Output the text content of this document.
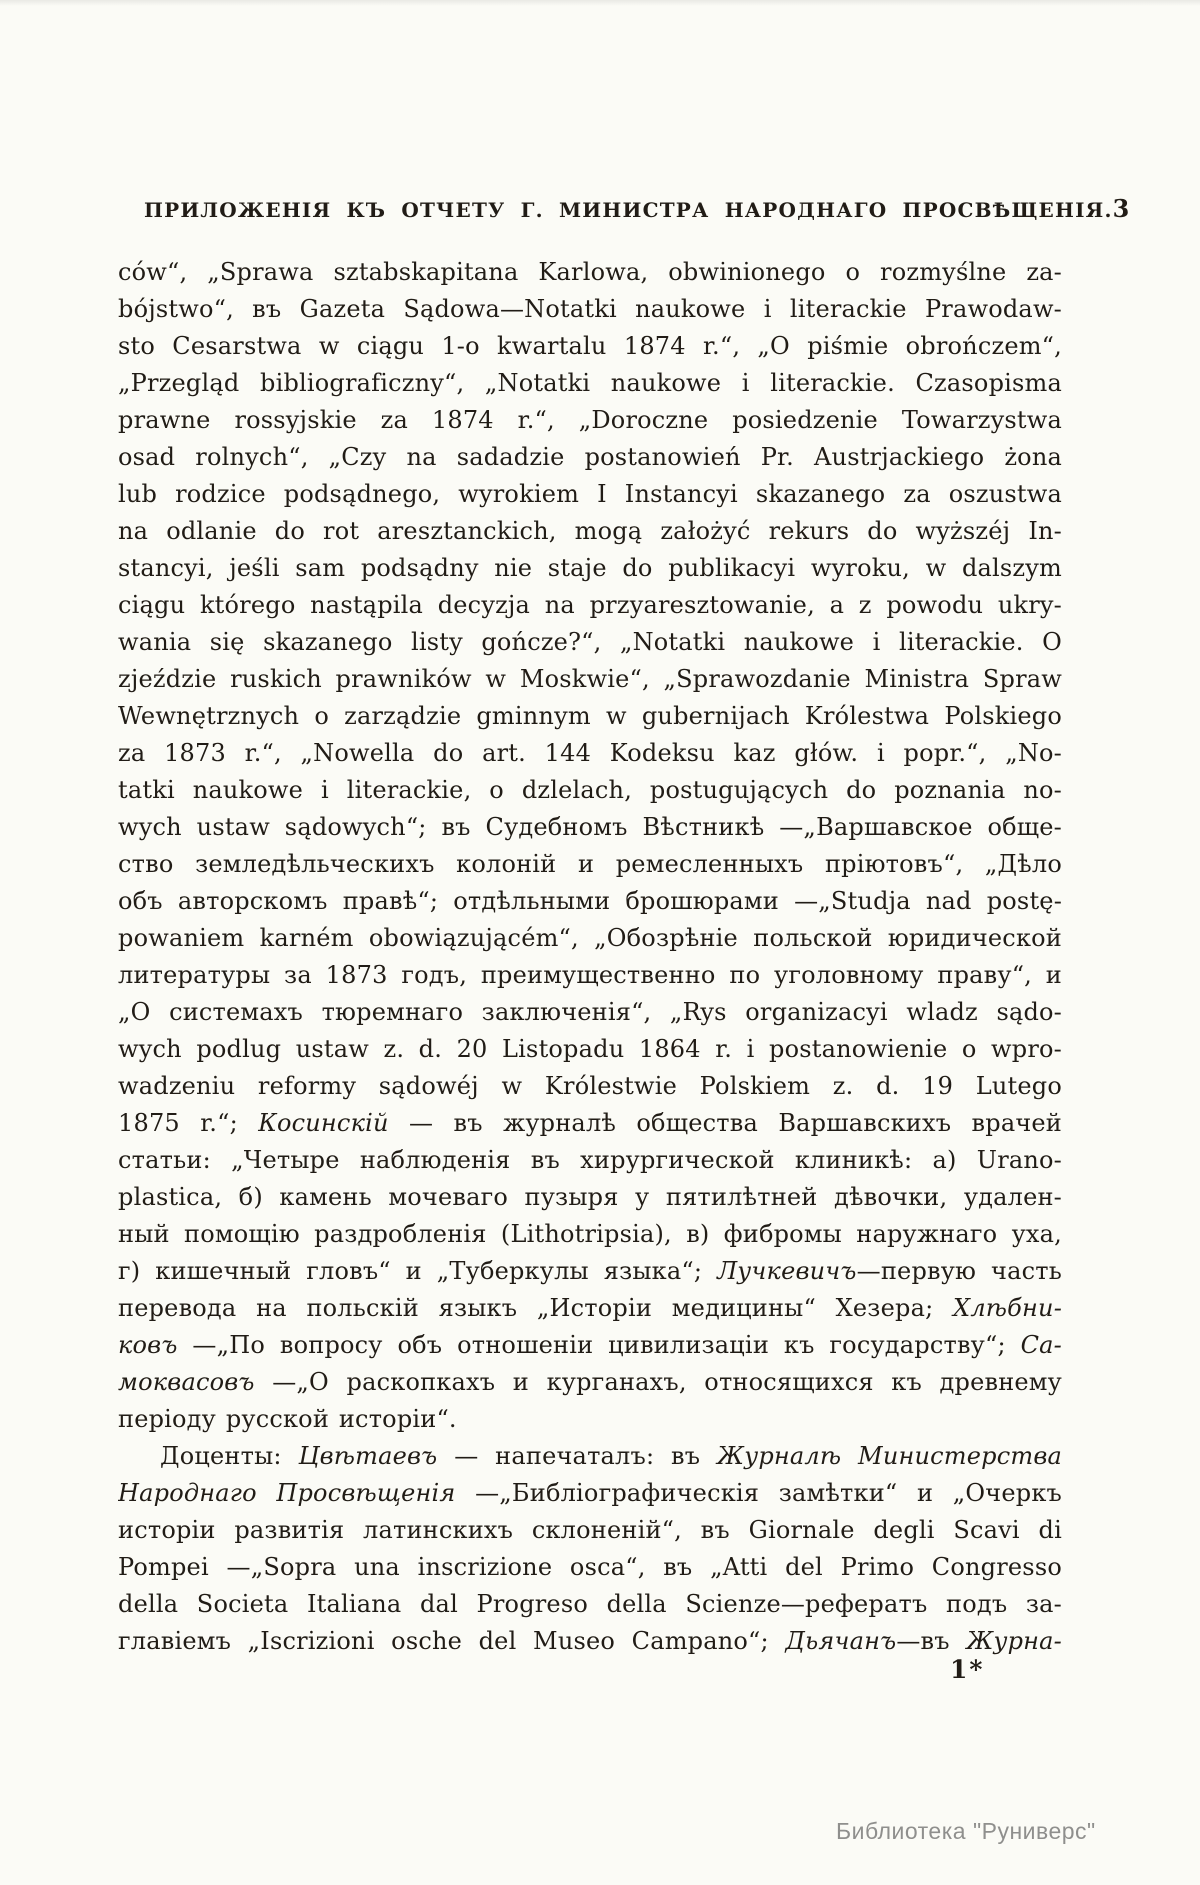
ПРИЛОЖЕНІЯ КЪ ОТЧЕТУ Г. МИНИСТРА НАРОДНАГО ПРОСВѢЩЕНІЯ. 3
ców“, „Sprawa sztabskapitana Karlowa, obwinionego o rozmyślne za-
bójstwo“, въ Gazeta Sądowa—Notatki naukowe i literackie Prawodaw-
sto Cesarstwa w ciągu 1-o kwartalu 1874 r.“, „O piśmie obrończem“,
„Przegląd bibliograficzny“, „Notatki naukowe i literackie. Czasopisma
prawne rossyjskie za 1874 r.“, „Doroczne posiedzenie Towarzystwa
osad rolnych“, „Czy na sadadzie postanowień Pr. Austrjackiego żona
lub rodzice podsądnego, wyrokiem I Instancyi skazanego za oszustwa
na odlanie do rot aresztanckich, mogą założyć rekurs do wyższéj In-
stancyi, jeśli sam podsądny nie staje do publikacyi wyroku, w dalszym
ciągu którego nastąpila decyzja na przyaresztowanie, a z powodu ukry-
wania się skazanego listy gończe?“, „Notatki naukowe i literackie. O
zjeździe ruskich prawników w Moskwie“, „Sprawozdanie Ministra Spraw
Wewnętrznych o zarządzie gminnym w gubernijach Królestwa Polskiego
za 1873 r.“, „Nowella do art. 144 Kodeksu kaz głów. i popr.“, „No-
tatki naukowe i literackie, o dzlelach, postugujących do poznania no-
wych ustaw sądowych“; въ Судебномъ Вѣстникѣ —„Варшавское обще-
ство земледѣльческихъ колоній и ремесленныхъ пріютовъ“, „Дѣло
объ авторскомъ правѣ“; отдѣльными брошюрами —„Studja nad postę-
powaniem karném obowiązującém“, „Обозрѣніе польской юридической
литературы за 1873 годъ, преимущественно по уголовному праву“, и
„О системахъ тюремнаго заключенія“, „Rys organizacyi wladz sądo-
wych podlug ustaw z. d. 20 Listopadu 1864 r. i postanowienie o wpro-
wadzeniu reformy sądowéj w Królestwie Polskiem z. d. 19 Lutego
1875 r.“; Косинскій — въ журналѣ общества Варшавскихъ врачей
статьи: „Четыре наблюденія въ хирургической клиникѣ: а) Urano-
plastica, б) камень мочеваго пузыря у пятилѣтней дѣвочки, удален-
ный помощію раздробленія (Lithotripsia), в) фибромы наружнаго уха,
г) кишечный гловъ“ и „Туберкулы языка“; Лучкевичъ—первую часть
перевода на польскій языкъ „Исторіи медицины“ Хезера; Хлѣбни-
ковъ —„По вопросу объ отношеніи цивилизаціи къ государству“; Са-
моквасовъ —„О раскопкахъ и курганахъ, относящихся къ древнему
періоду русской исторіи“.
Доценты: Цвѣтаевъ — напечаталъ: въ Журналѣ Министерства
Народнаго Просвѣщенія —„Библіографическія замѣтки“ и „Очеркъ
исторіи развитія латинскихъ склоненій“, въ Giornale degli Scavi di
Pompei —„Sopra una inscrizione osca“, въ „Atti del Primo Congresso
della Societa Italiana dal Progreso della Scienze—рефератъ подъ за-
главіемъ „Iscrizioni osche del Museo Campano“; Дьячанъ—въ Журна-
1*
Библиотека "Руниверс"
